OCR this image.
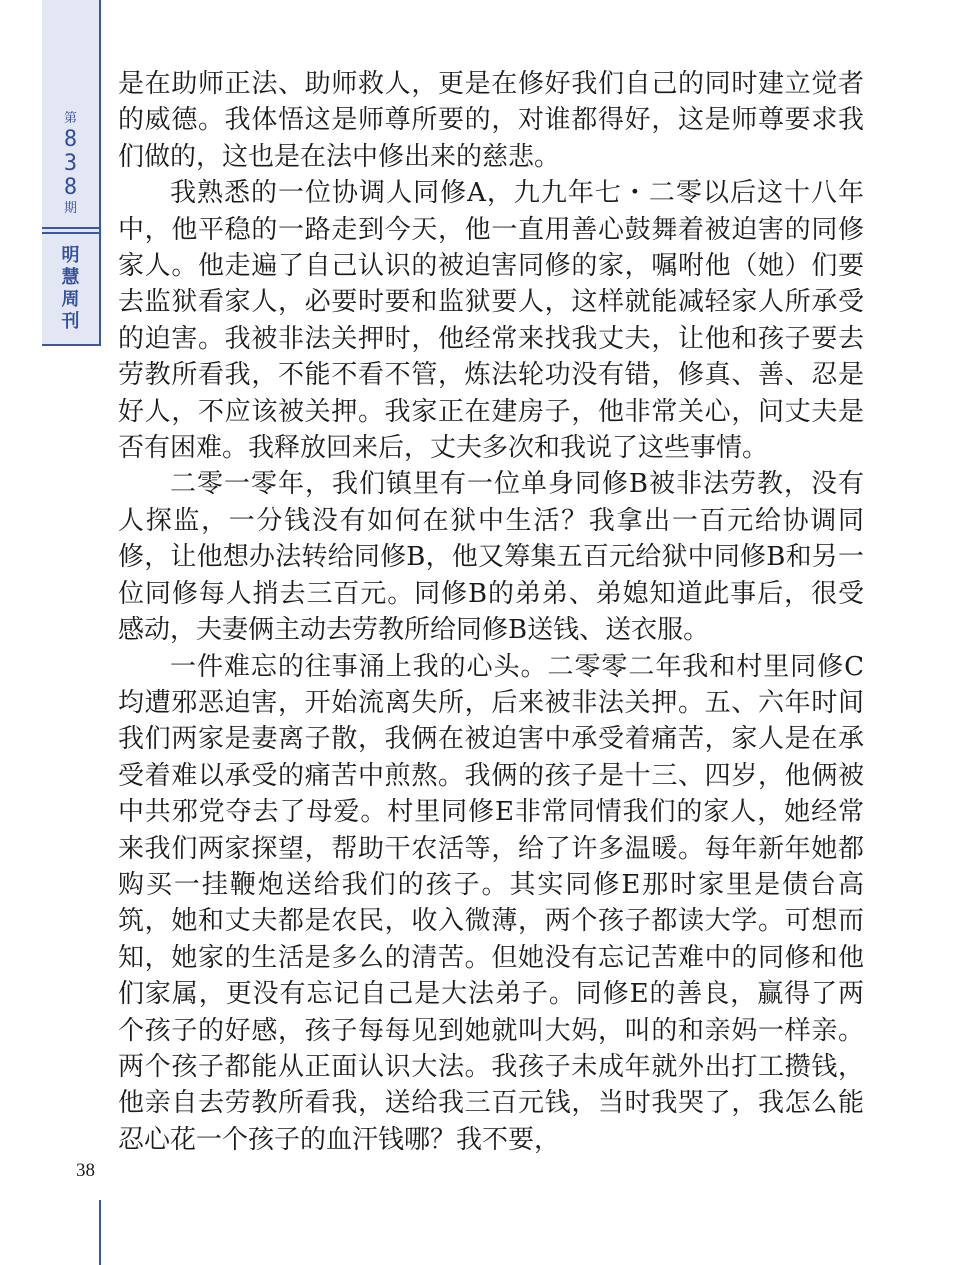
第
8
3
8
期
明
慧
周
刊

是在助师正法、助师救人，更是在修好我们自己的同时建立觉者的威德。我体悟这是师尊所要的，对谁都得好，这是师尊要求我们做的，这也是在法中修出来的慈悲。

我熟悉的一位协调人同修A，九九年七・二零以后这十八年中，他平稳的一路走到今天，他一直用善心鼓舞着被迫害的同修家人。他走遍了自己认识的被迫害同修的家，嘱咐他（她）们要去监狱看家人，必要时要和监狱要人，这样就能减轻家人所承受的迫害。我被非法关押时，他经常来找我丈夫，让他和孩子要去劳教所看我，不能不看不管，炼法轮功没有错，修真、善、忍是好人，不应该被关押。我家正在建房子，他非常关心，问丈夫是否有困难。我释放回来后，丈夫多次和我说了这些事情。

二零一零年，我们镇里有一位单身同修B被非法劳教，没有人探监，一分钱没有如何在狱中生活？我拿出一百元给协调同修，让他想办法转给同修B，他又筹集五百元给狱中同修B和另一位同修每人捎去三百元。同修B的弟弟、弟媳知道此事后，很受感动，夫妻俩主动去劳教所给同修B送钱、送衣服。

一件难忘的往事涌上我的心头。二零零二年我和村里同修C均遭邪恶迫害，开始流离失所，后来被非法关押。五、六年时间我们两家是妻离子散，我俩在被迫害中承受着痛苦，家人是在承受着难以承受的痛苦中煎熬。我俩的孩子是十三、四岁，他俩被中共邪党夺去了母爱。村里同修E非常同情我们的家人，她经常来我们两家探望，帮助干农活等，给了许多温暖。每年新年她都购买一挂鞭炮送给我们的孩子。其实同修E那时家里是债台高筑，她和丈夫都是农民，收入微薄，两个孩子都读大学。可想而知，她家的生活是多么的清苦。但她没有忘记苦难中的同修和他们家属，更没有忘记自己是大法弟子。同修E的善良，赢得了两个孩子的好感，孩子每每见到她就叫大妈，叫的和亲妈一样亲。两个孩子都能从正面认识大法。我孩子未成年就外出打工攒钱，他亲自去劳教所看我，送给我三百元钱，当时我哭了，我怎么能忍心花一个孩子的血汗钱哪？我不要，

38
